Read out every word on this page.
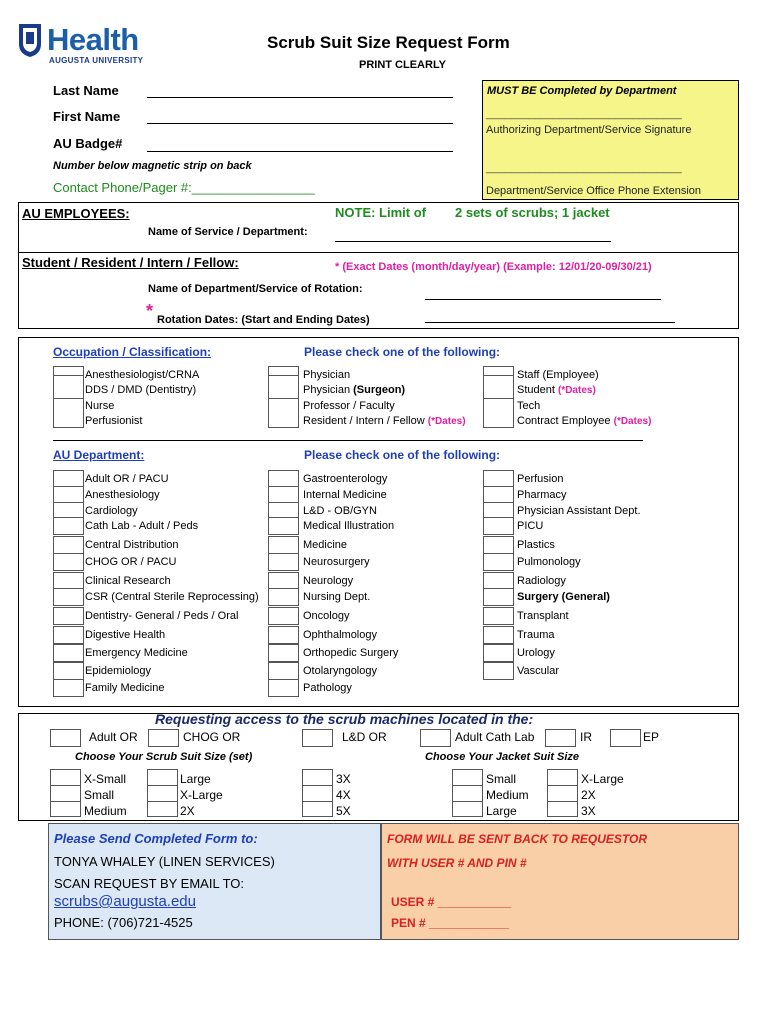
Health
AUGUSTA UNIVERSITY
Scrub Suit Size Request Form
PRINT CLEARLY
Last Name
First Name
AU Badge#
Number below magnetic strip on back
Contact Phone/Pager #:_________________
MUST BE Completed by Department
________________________________
Authorizing Department/Service Signature
________________________________
Department/Service Office Phone Extension
AU EMPLOYEES:	NOTE: Limit of 2 sets of scrubs; 1 jacket
Name of Service / Department:
Student / Resident / Intern / Fellow:	* (Exact Dates (month/day/year) (Example: 12/01/20-09/30/21)
Name of Department/Service of Rotation:
* Rotation Dates: (Start and Ending Dates)
Occupation / Classification:	Please check one of the following:
Anesthesiologist/CRNA
DDS / DMD (Dentistry)
Nurse
Perfusionist
Physician
Physician (Surgeon)
Professor / Faculty
Resident / Intern / Fellow (*Dates)
Staff (Employee)
Student (*Dates)
Tech
Contract Employee (*Dates)
AU Department:	Please check one of the following:
Adult OR / PACU
Anesthesiology
Cardiology
Cath Lab - Adult / Peds
Central Distribution
CHOG OR / PACU
Clinical Research
CSR (Central Sterile Reprocessing)
Dentistry- General / Peds / Oral
Digestive Health
Emergency Medicine
Epidemiology
Family Medicine
Gastroenterology
Internal Medicine
L&D - OB/GYN
Medical Illustration
Medicine
Neurosurgery
Neurology
Nursing Dept.
Oncology
Ophthalmology
Orthopedic Surgery
Otolaryngology
Pathology
Perfusion
Pharmacy
Physician Assistant Dept.
PICU
Plastics
Pulmonology
Radiology
Surgery (General)
Transplant
Trauma
Urology
Vascular
Requesting access to the scrub machines located in the:
Adult OR	CHOG OR	L&D OR	Adult Cath Lab	IR	EP
Choose Your Scrub Suit Size (set)	Choose Your Jacket Suit Size
X-Small
Small
Medium
Large
X-Large
2X
3X
4X
5X
Small
Medium
Large
X-Large
2X
3X
Please Send Completed Form to:
TONYA WHALEY (LINEN SERVICES)
SCAN REQUEST BY EMAIL TO:
scrubs@augusta.edu
PHONE: (706)721-4525
FORM WILL BE SENT BACK TO REQUESTOR
WITH USER # AND PIN #
USER # ___________
PEN # ____________
